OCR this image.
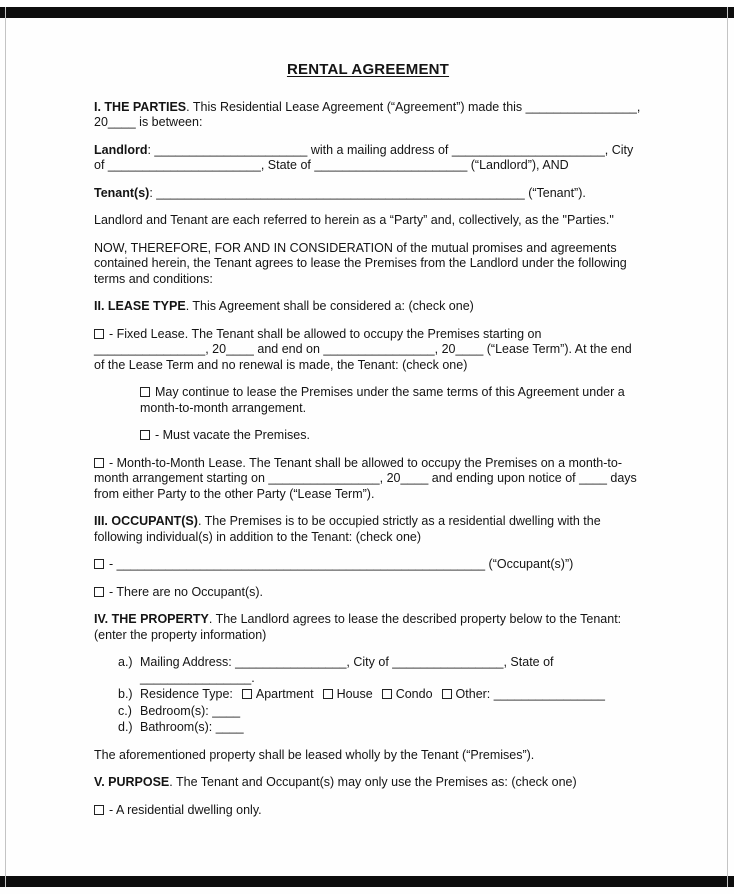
RENTAL AGREEMENT

I. THE PARTIES. This Residential Lease Agreement (“Agreement”) made this ________________, 20____ is between:

Landlord: ______________________ with a mailing address of ______________________, City of ______________________, State of ______________________ (“Landlord”), AND

Tenant(s): _____________________________________________________ (“Tenant”).

Landlord and Tenant are each referred to herein as a “Party” and, collectively, as the "Parties."

NOW, THEREFORE, FOR AND IN CONSIDERATION of the mutual promises and agreements contained herein, the Tenant agrees to lease the Premises from the Landlord under the following terms and conditions:

II. LEASE TYPE. This Agreement shall be considered a: (check one)

- Fixed Lease. The Tenant shall be allowed to occupy the Premises starting on ________________, 20____ and end on ________________, 20____ (“Lease Term”). At the end of the Lease Term and no renewal is made, the Tenant: (check one)

May continue to lease the Premises under the same terms of this Agreement under a month-to-month arrangement.
- Must vacate the Premises.

- Month-to-Month Lease. The Tenant shall be allowed to occupy the Premises on a month-to-month arrangement starting on ________________, 20____ and ending upon notice of ____ days from either Party to the other Party (“Lease Term”).

III. OCCUPANT(S). The Premises is to be occupied strictly as a residential dwelling with the following individual(s) in addition to the Tenant: (check one)

- _____________________________________________________ (“Occupant(s)”)

- There are no Occupant(s).

IV. THE PROPERTY. The Landlord agrees to lease the described property below to the Tenant: (enter the property information)

a.) Mailing Address: ________________, City of ________________, State of ________________.
b.) Residence Type: Apartment House Condo Other: ________________
c.) Bedroom(s): ____
d.) Bathroom(s): ____

The aforementioned property shall be leased wholly by the Tenant (“Premises”).

V. PURPOSE. The Tenant and Occupant(s) may only use the Premises as: (check one)

- A residential dwelling only.
